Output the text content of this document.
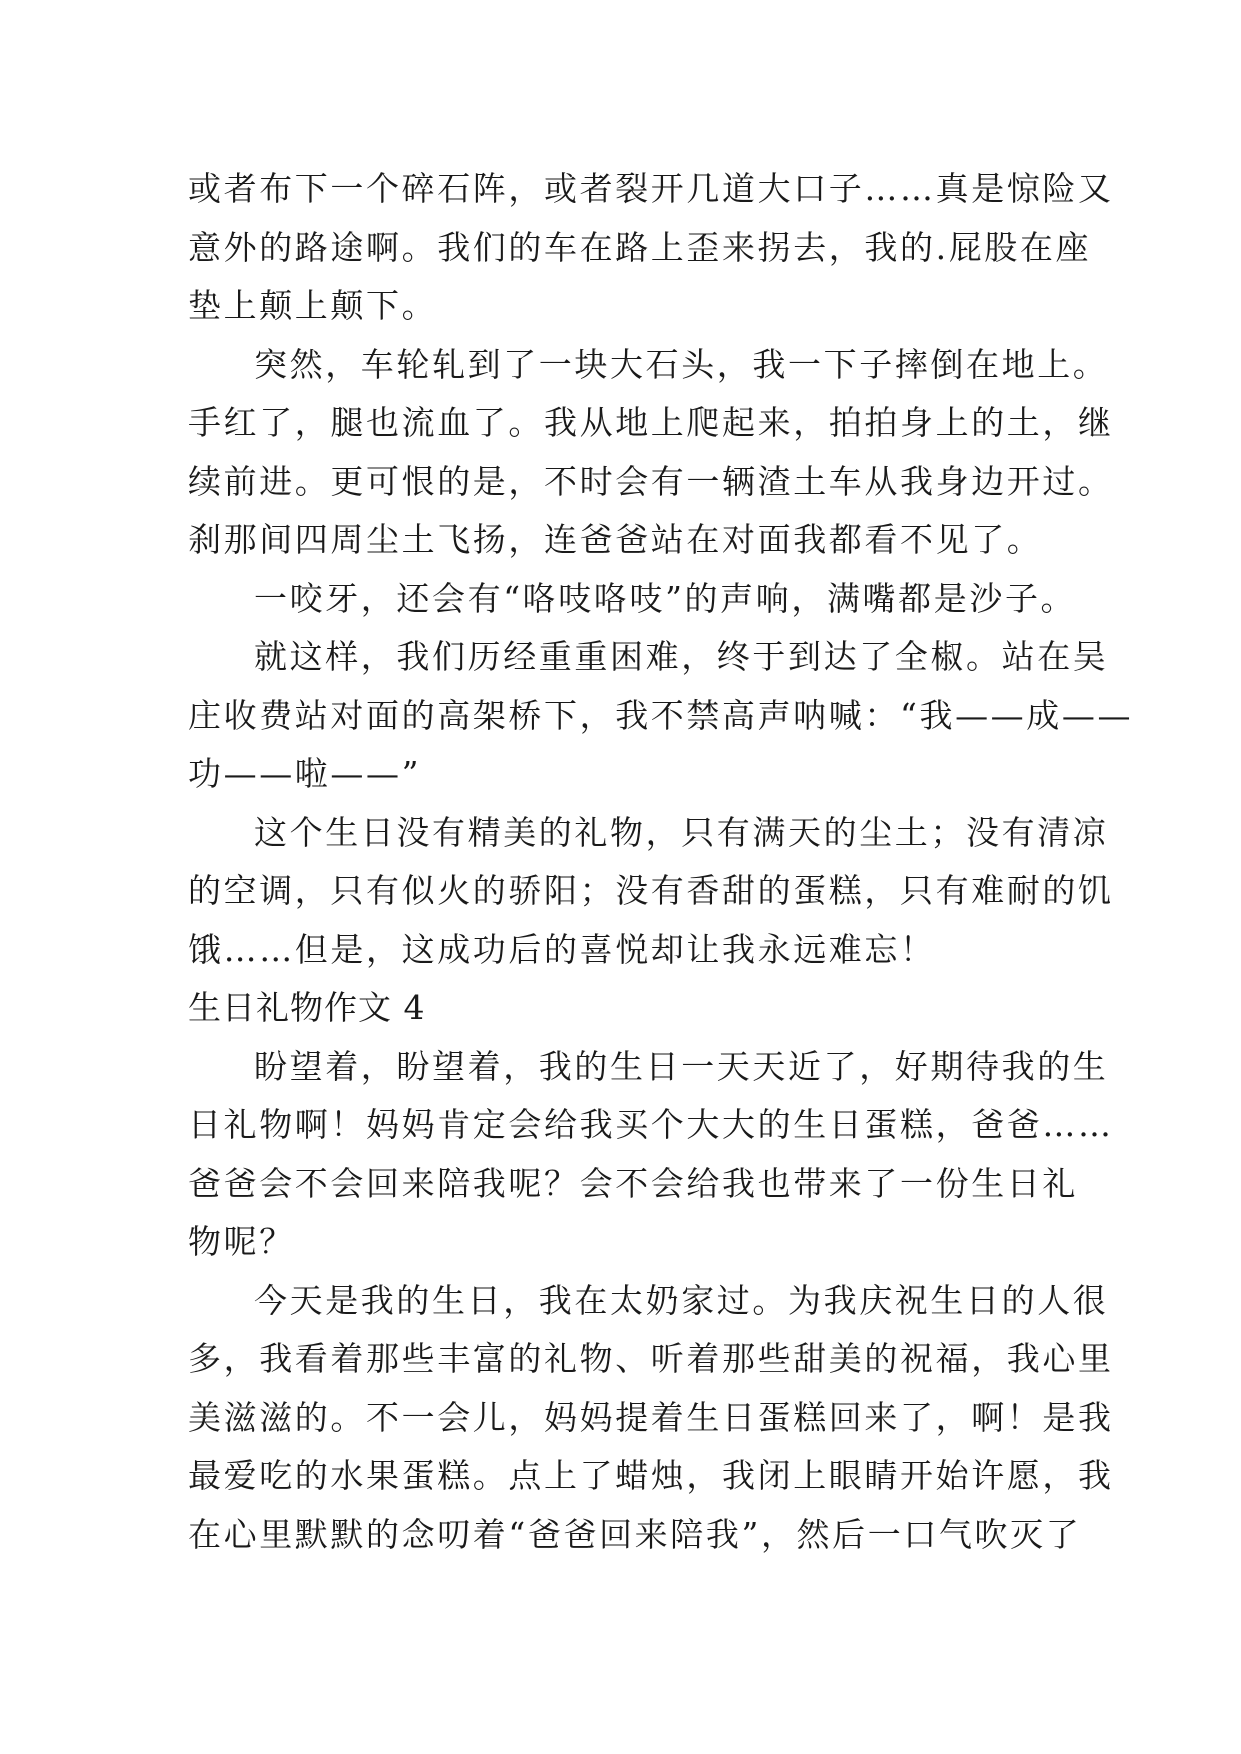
或者布下一个碎石阵，或者裂开几道大口子……真是惊险又
意外的路途啊。我们的车在路上歪来拐去，我的.屁股在座
垫上颠上颠下。
突然，车轮轧到了一块大石头，我一下子摔倒在地上。
手红了，腿也流血了。我从地上爬起来，拍拍身上的土，继
续前进。更可恨的是，不时会有一辆渣土车从我身边开过。
刹那间四周尘土飞扬，连爸爸站在对面我都看不见了。
一咬牙，还会有“咯吱咯吱”的声响，满嘴都是沙子。
就这样，我们历经重重困难，终于到达了全椒。站在吴
庄收费站对面的高架桥下，我不禁高声呐喊：“我——成——
功——啦——”
这个生日没有精美的礼物，只有满天的尘土；没有清凉
的空调，只有似火的骄阳；没有香甜的蛋糕，只有难耐的饥
饿……但是，这成功后的喜悦却让我永远难忘！
生日礼物作文 4
盼望着，盼望着，我的生日一天天近了，好期待我的生
日礼物啊！妈妈肯定会给我买个大大的生日蛋糕，爸爸……
爸爸会不会回来陪我呢？会不会给我也带来了一份生日礼
物呢？
今天是我的生日，我在太奶家过。为我庆祝生日的人很
多，我看着那些丰富的礼物、听着那些甜美的祝福，我心里
美滋滋的。不一会儿，妈妈提着生日蛋糕回来了，啊！是我
最爱吃的水果蛋糕。点上了蜡烛，我闭上眼睛开始许愿，我
在心里默默的念叨着“爸爸回来陪我”，然后一口气吹灭了
